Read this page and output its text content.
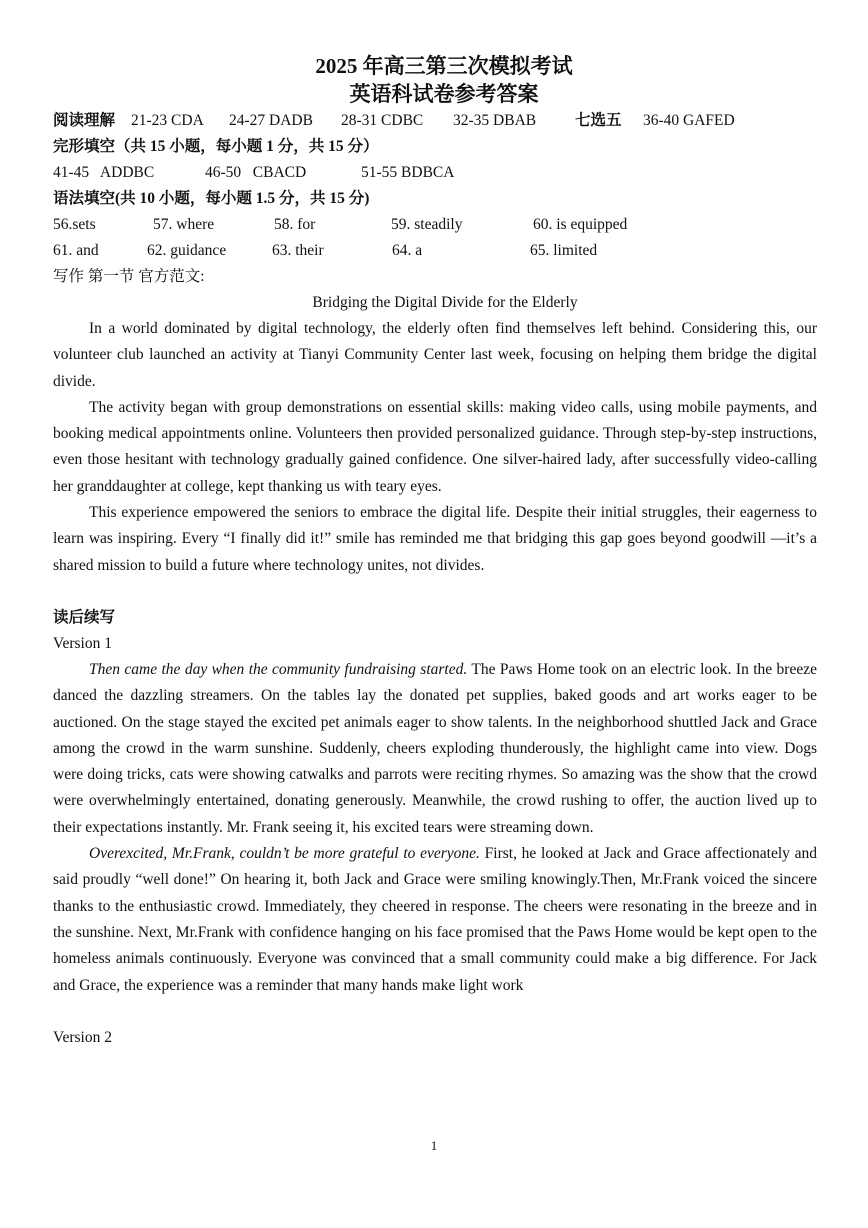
2025 年高三第三次模拟考试
英语科试卷参考答案
阅读理解 21-23 CDA 24-27 DADB 28-31 CDBC 32-35 DBAB	七选五 36-40 GAFED
完形填空（共 15 小题，每小题 1 分，共 15 分）
41-45   ADDBC	46-50   CBACD	51-55 BDBCA
语法填空(共 10 小题，每小题 1.5 分，共 15 分)
56.sets	57. where	58. for	59. steadily	60. is equipped
61. and	62. guidance	63. their	64. a	65. limited
写作 第一节 官方范文:
Bridging the Digital Divide for the Elderly

In a world dominated by digital technology, the elderly often find themselves left behind. Considering this, our volunteer club launched an activity at Tianyi Community Center last week, focusing on helping them bridge the digital divide.

The activity began with group demonstrations on essential skills: making video calls, using mobile payments, and booking medical appointments online. Volunteers then provided personalized guidance. Through step-by-step instructions, even those hesitant with technology gradually gained confidence. One silver-haired lady, after successfully video-calling her granddaughter at college, kept thanking us with teary eyes.

This experience empowered the seniors to embrace the digital life. Despite their initial struggles, their eagerness to learn was inspiring. Every “I finally did it!” smile has reminded me that bridging this gap goes beyond goodwill —it’s a shared mission to build a future where technology unites, not divides.

读后续写
Version 1

Then came the day when the community fundraising started. The Paws Home took on an electric look. In the breeze danced the dazzling streamers. On the tables lay the donated pet supplies, baked goods and art works eager to be auctioned. On the stage stayed the excited pet animals eager to show talents. In the neighborhood shuttled Jack and Grace among the crowd in the warm sunshine. Suddenly, cheers exploding thunderously, the highlight came into view. Dogs were doing tricks, cats were showing catwalks and parrots were reciting rhymes. So amazing was the show that the crowd were overwhelmingly entertained, donating generously. Meanwhile, the crowd rushing to offer, the auction lived up to their expectations instantly. Mr. Frank seeing it, his excited tears were streaming down.

Overexcited, Mr.Frank, couldn’t be more grateful to everyone. First, he looked at Jack and Grace affectionately and said proudly “well done!” On hearing it, both Jack and Grace were smiling knowingly.Then, Mr.Frank voiced the sincere thanks to the enthusiastic crowd. Immediately, they cheered in response. The cheers were resonating in the breeze and in the sunshine. Next, Mr.Frank with confidence hanging on his face promised that the Paws Home would be kept open to the homeless animals continuously. Everyone was convinced that a small community could make a big difference. For Jack and Grace, the experience was a reminder that many hands make light work

Version 2
1
